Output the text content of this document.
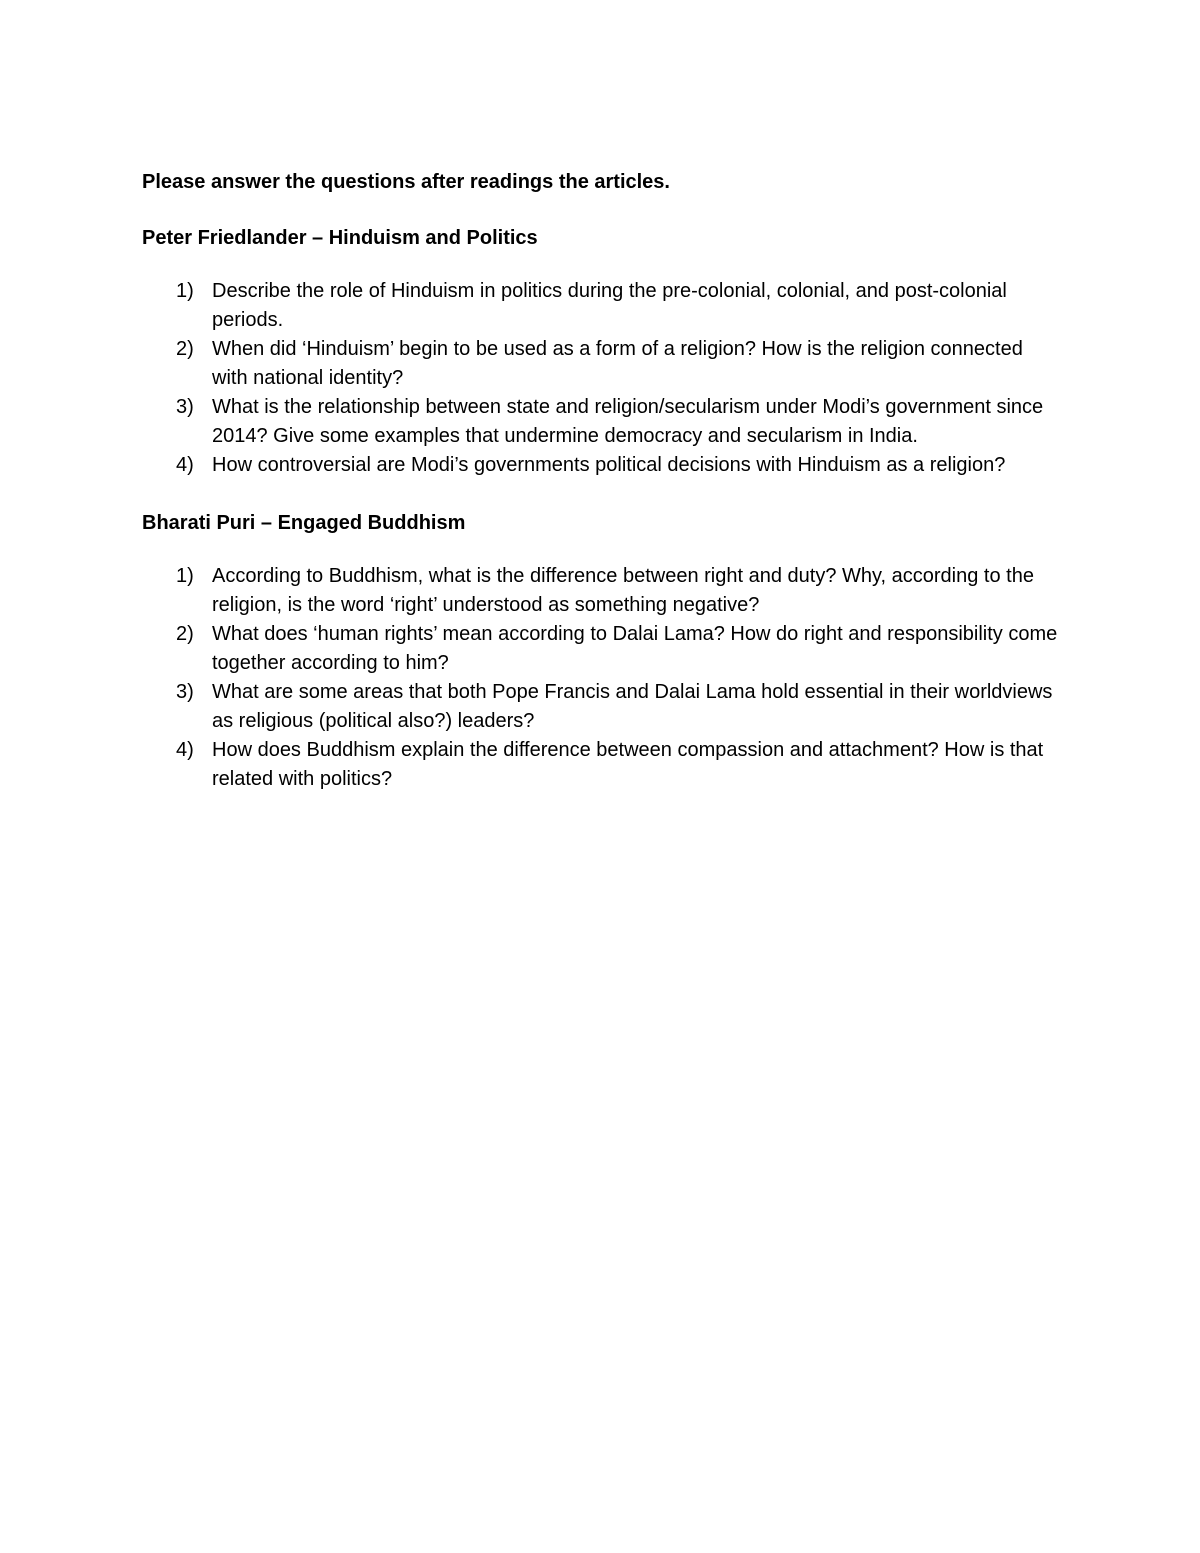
Please answer the questions after readings the articles.

Peter Friedlander – Hinduism and Politics

1) Describe the role of Hinduism in politics during the pre-colonial, colonial, and post-colonial periods.
2) When did ‘Hinduism’ begin to be used as a form of a religion? How is the religion connected with national identity?
3) What is the relationship between state and religion/secularism under Modi’s government since 2014? Give some examples that undermine democracy and secularism in India.
4) How controversial are Modi’s governments political decisions with Hinduism as a religion?

Bharati Puri – Engaged Buddhism

1) According to Buddhism, what is the difference between right and duty? Why, according to the religion, is the word ‘right’ understood as something negative?
2) What does ‘human rights’ mean according to Dalai Lama? How do right and responsibility come together according to him?
3) What are some areas that both Pope Francis and Dalai Lama hold essential in their worldviews as religious (political also?) leaders?
4) How does Buddhism explain the difference between compassion and attachment? How is that related with politics?
